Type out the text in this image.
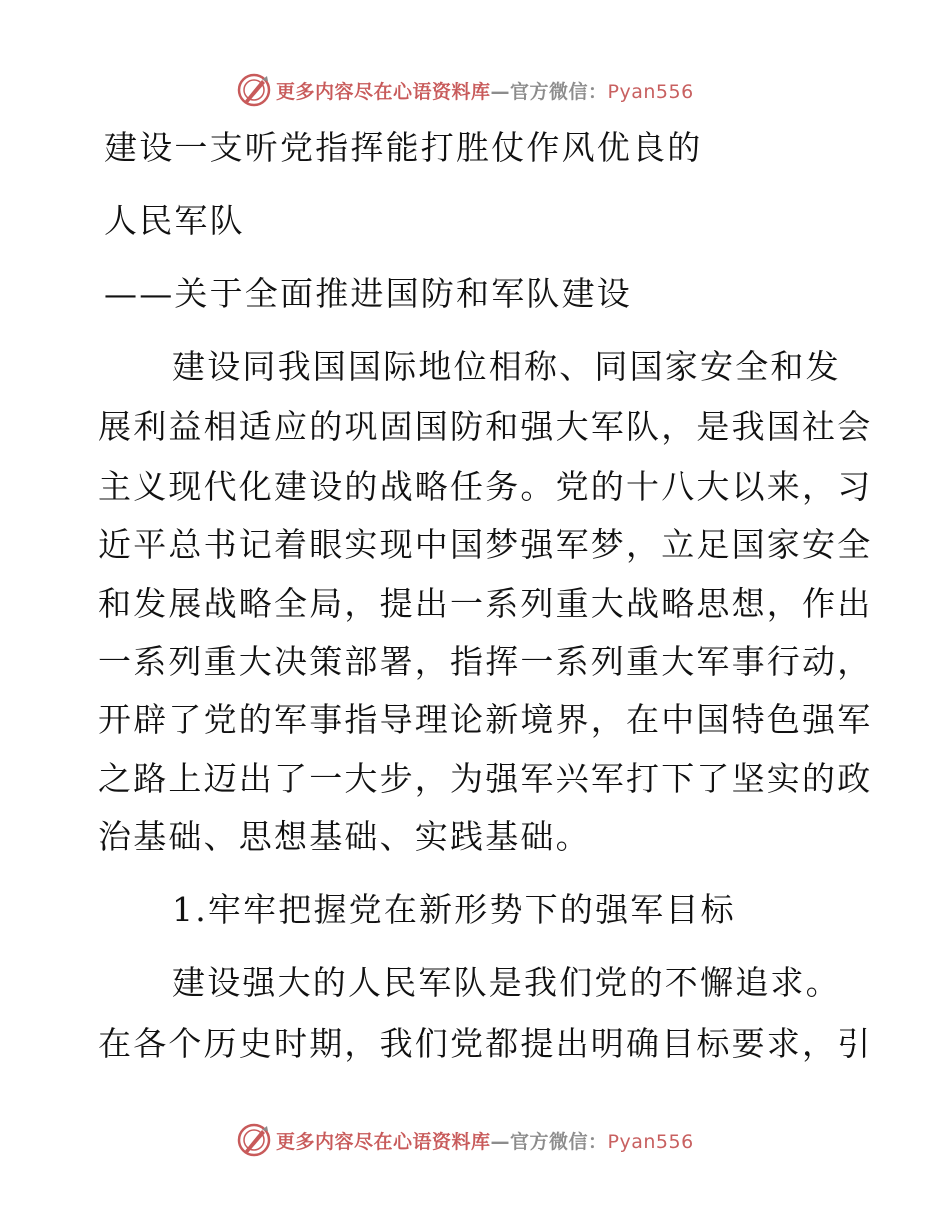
更多内容尽在心语资料库—官方微信：Pyan556
建设一支听党指挥能打胜仗作风优良的
人民军队
——关于全面推进国防和军队建设
建设同我国国际地位相称、同国家安全和发
展利益相适应的巩固国防和强大军队，是我国社会
主义现代化建设的战略任务。党的十八大以来，习
近平总书记着眼实现中国梦强军梦，立足国家安全
和发展战略全局，提出一系列重大战略思想，作出
一系列重大决策部署，指挥一系列重大军事行动，
开辟了党的军事指导理论新境界，在中国特色强军
之路上迈出了一大步，为强军兴军打下了坚实的政
治基础、思想基础、实践基础。
1.牢牢把握党在新形势下的强军目标
建设强大的人民军队是我们党的不懈追求。
在各个历史时期，我们党都提出明确目标要求，引
更多内容尽在心语资料库—官方微信：Pyan556
